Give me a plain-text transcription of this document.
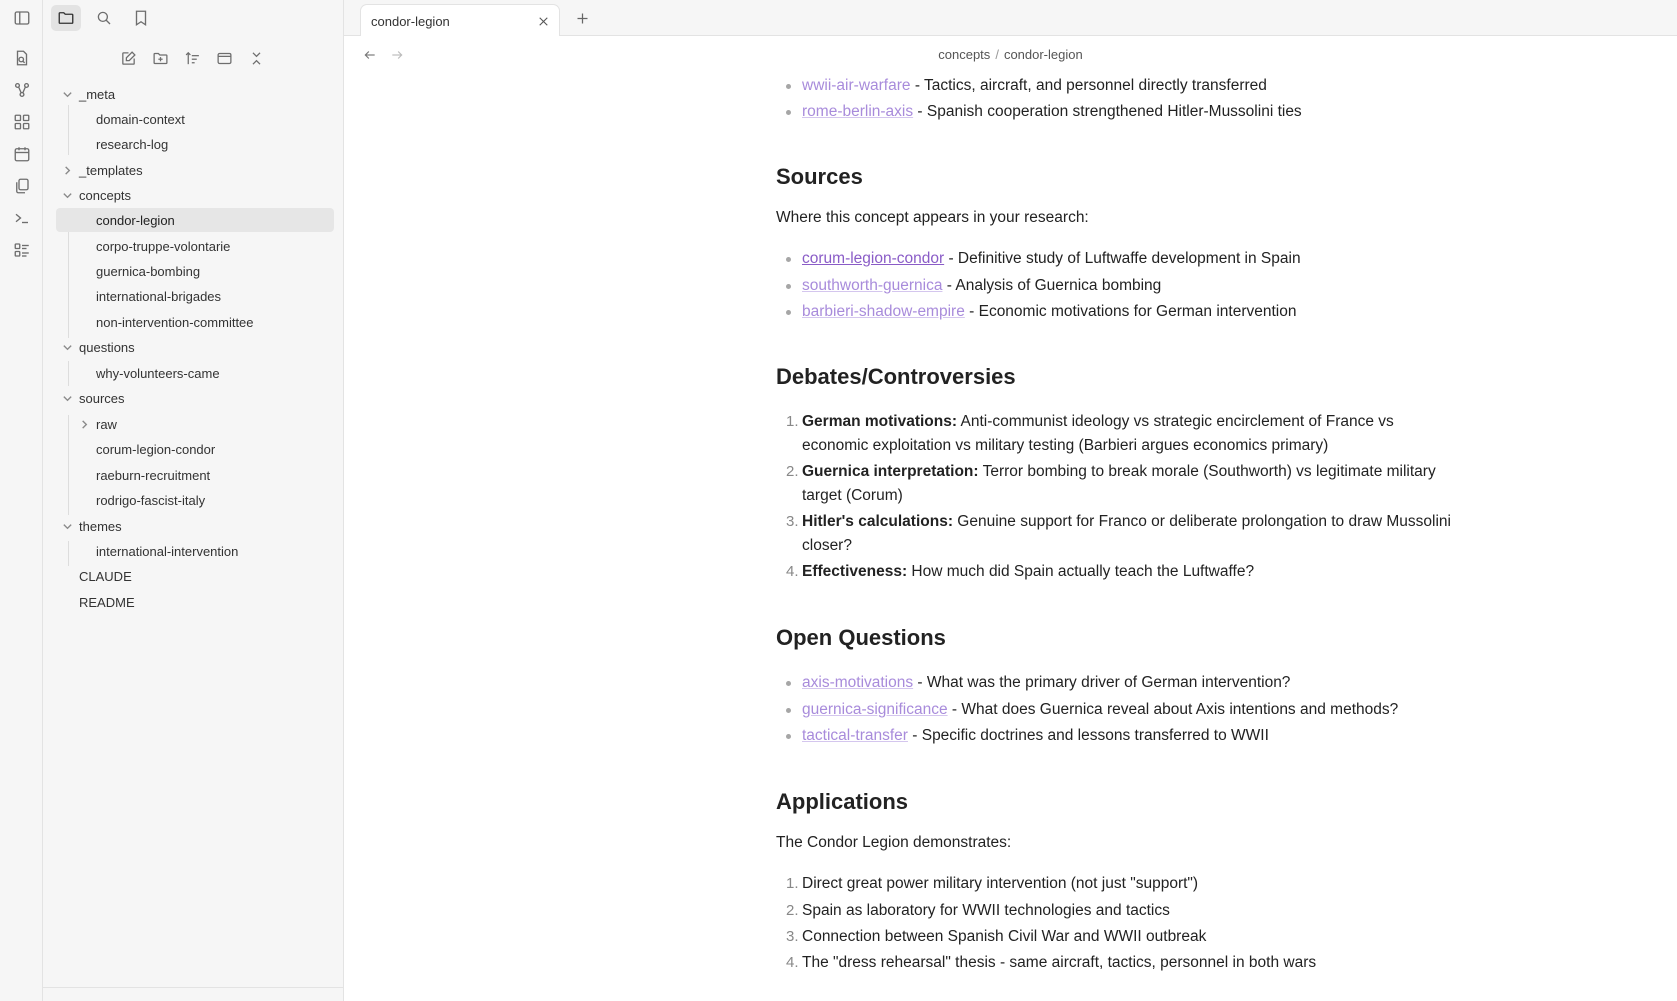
_meta
domain-context
research-log
_templates
concepts
condor-legion
corpo-truppe-volontarie
guernica-bombing
international-brigades
non-intervention-committee
questions
why-volunteers-came
sources
raw
corum-legion-condor
raeburn-recruitment
rodrigo-fascist-italy
themes
international-intervention
CLAUDE
README
condor-legion
concepts / condor-legion
wwii-air-warfare - Tactics, aircraft, and personnel directly transferred
rome-berlin-axis - Spanish cooperation strengthened Hitler-Mussolini ties
Sources
Where this concept appears in your research:
corum-legion-condor - Definitive study of Luftwaffe development in Spain
southworth-guernica - Analysis of Guernica bombing
barbieri-shadow-empire - Economic motivations for German intervention
Debates/Controversies
1. German motivations: Anti-communist ideology vs strategic encirclement of France vs
economic exploitation vs military testing (Barbieri argues economics primary)
2. Guernica interpretation: Terror bombing to break morale (Southworth) vs legitimate military
target (Corum)
3. Hitler's calculations: Genuine support for Franco or deliberate prolongation to draw Mussolini
closer?
4. Effectiveness: How much did Spain actually teach the Luftwaffe?
Open Questions
axis-motivations - What was the primary driver of German intervention?
guernica-significance - What does Guernica reveal about Axis intentions and methods?
tactical-transfer - Specific doctrines and lessons transferred to WWII
Applications
The Condor Legion demonstrates:
1. Direct great power military intervention (not just "support")
2. Spain as laboratory for WWII technologies and tactics
3. Connection between Spanish Civil War and WWII outbreak
4. The "dress rehearsal" thesis - same aircraft, tactics, personnel in both wars
